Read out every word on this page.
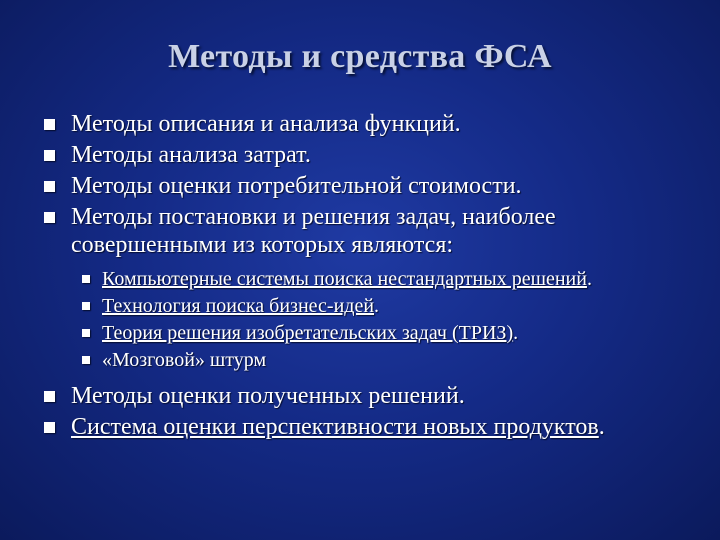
Методы и средства ФСА
Методы описания и анализа функций.
Методы анализа затрат.
Методы оценки потребительной стоимости.
Методы постановки и решения задач, наиболее совершенными из которых являются:
Компьютерные системы поиска нестандартных решений.
Технология поиска бизнес-идей.
Теория решения изобретательских задач (ТРИЗ).
«Мозговой» штурм
Методы оценки полученных решений.
Система оценки перспективности новых продуктов.
